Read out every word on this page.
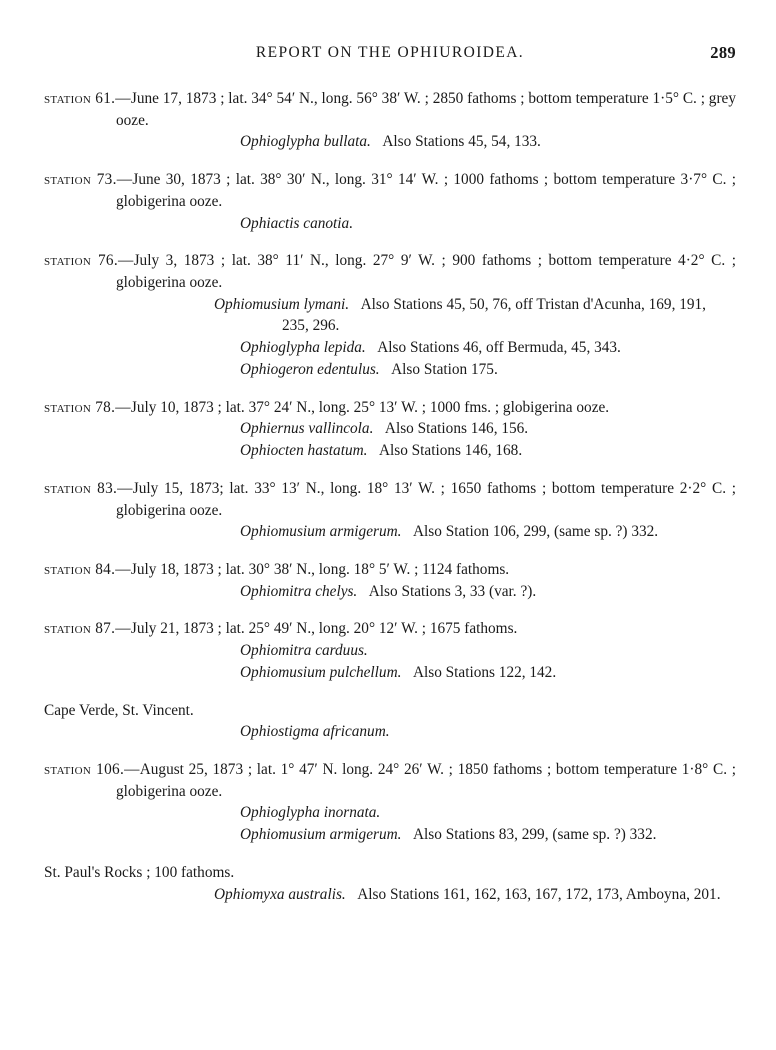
REPORT ON THE OPHIUROIDEA.	289

station 61.—June 17, 1873 ; lat. 34° 54′ N., long. 56° 38′ W. ; 2850 fathoms ; bottom temperature 1·5° C. ; grey ooze.

Ophioglypha bullata. Also Stations 45, 54, 133.

station 73.—June 30, 1873 ; lat. 38° 30′ N., long. 31° 14′ W. ; 1000 fathoms ; bottom temperature 3·7° C. ; globigerina ooze.

Ophiactis canotia.

station 76.—July 3, 1873 ; lat. 38° 11′ N., long. 27° 9′ W. ; 900 fathoms ; bottom temperature 4·2° C. ; globigerina ooze.

Ophiomusium lymani. Also Stations 45, 50, 76, off Tristan d'Acunha, 169, 191, 235, 296.

Ophioglypha lepida. Also Stations 46, off Bermuda, 45, 343.

Ophiogeron edentulus. Also Station 175.

station 78.—July 10, 1873 ; lat. 37° 24′ N., long. 25° 13′ W. ; 1000 fms. ; globigerina ooze.

Ophiernus vallincola. Also Stations 146, 156.

Ophiocten hastatum. Also Stations 146, 168.

station 83.—July 15, 1873; lat. 33° 13′ N., long. 18° 13′ W. ; 1650 fathoms ; bottom temperature 2·2° C. ; globigerina ooze.

Ophiomusium armigerum. Also Station 106, 299, (same sp. ?) 332.

station 84.—July 18, 1873 ; lat. 30° 38′ N., long. 18° 5′ W. ; 1124 fathoms.

Ophiomitra chelys. Also Stations 3, 33 (var. ?).

station 87.—July 21, 1873 ; lat. 25° 49′ N., long. 20° 12′ W. ; 1675 fathoms.

Ophiomitra carduus.

Ophiomusium pulchellum. Also Stations 122, 142.

Cape Verde, St. Vincent.

Ophiostigma africanum.

station 106.—August 25, 1873 ; lat. 1° 47′ N. long. 24° 26′ W. ; 1850 fathoms ; bottom temperature 1·8° C. ; globigerina ooze.

Ophioglypha inornata.

Ophiomusium armigerum. Also Stations 83, 299, (same sp. ?) 332.

St. Paul's Rocks ; 100 fathoms.

Ophiomyxa australis. Also Stations 161, 162, 163, 167, 172, 173, Amboyna, 201.
